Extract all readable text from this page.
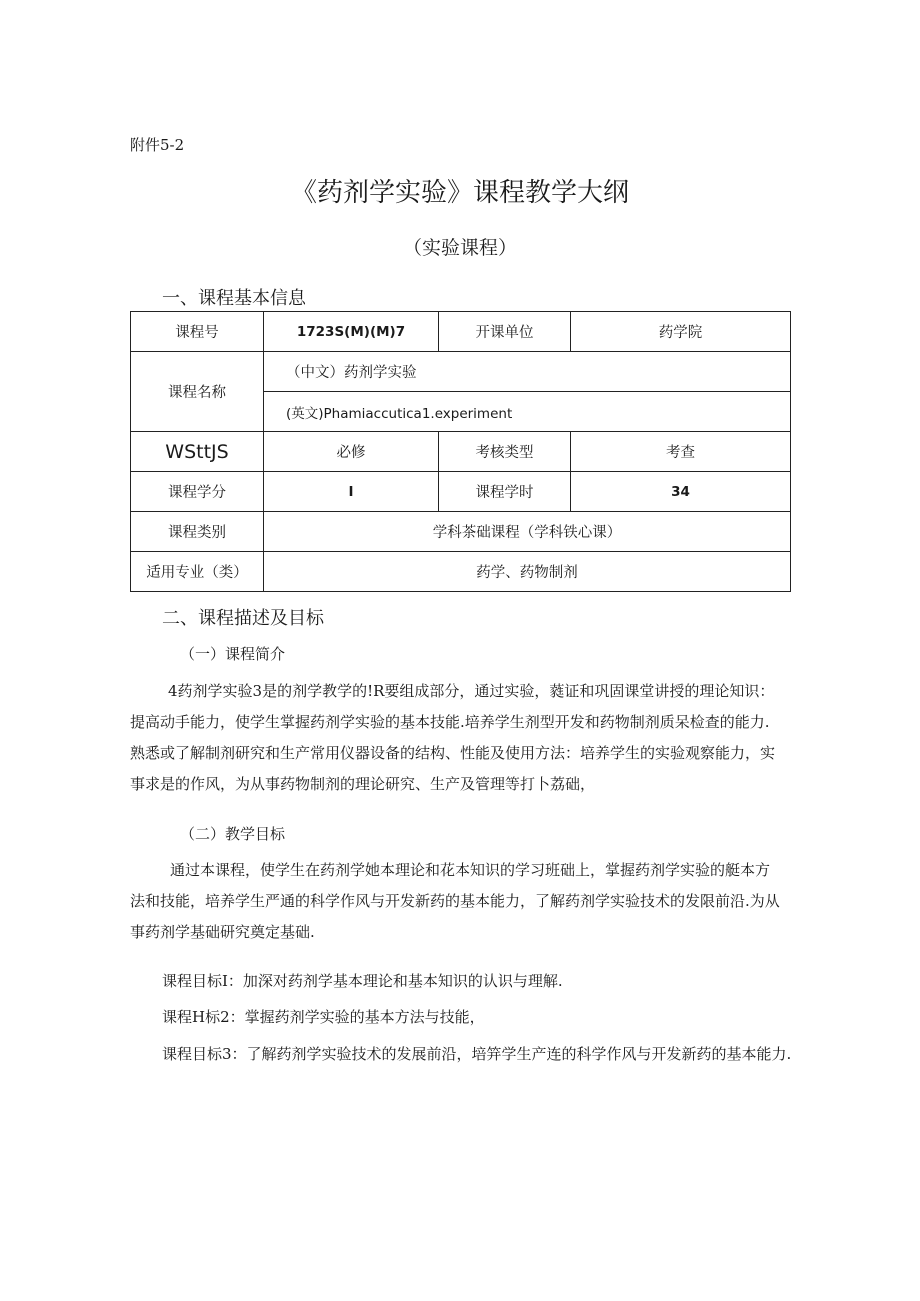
附件5-2
《药剂学实验》课程教学大纲
（实验课程）
一、课程基本信息
课程号	1723S(M)(M)7	开课单位	药学院
课程名称	（中文）药剂学实验		
	(英文)Phamiaccutica1.experiment		
WSttJS	必修	考核类型	考查
课程学分	I	课程学时	34
课程类别	学科茶础课程（学科铁心课）		
适用专业（类）	药学、药物制剂		
二、课程描述及目标
（一）课程简介
4药剂学实验3是的剂学教学的!R要组成部分，通过实验，蕤证和巩固课堂讲授的理论知识：
提高动手能力，使学生掌握药剂学实验的基本技能.培养学生剂型开发和药物制剂质呆检查的能力.
熟悉或了解制剂研究和生产常用仪器设备的结构、性能及使用方法：培养学生的实验观察能力，实
事求是的作风，为从事药物制剂的理论研究、生产及管理等打卜荔础，
（二）教学目标
通过本课程，使学生在药剂学她本理论和花本知识的学习班础上，掌握药剂学实验的艇本方
法和技能，培养学生严通的科学作风与开发新药的基本能力，了解药剂学实验技术的发限前沿.为从
事药剂学基础研究奠定基础.
课程目标I：加深对药剂学基本理论和基本知识的认识与理解.
课程H标2：掌握药剂学实验的基本方法与技能，
课程目标3：了解药剂学实验技术的发展前沿，培笄学生产连的科学作风与开发新药的基本能力.
